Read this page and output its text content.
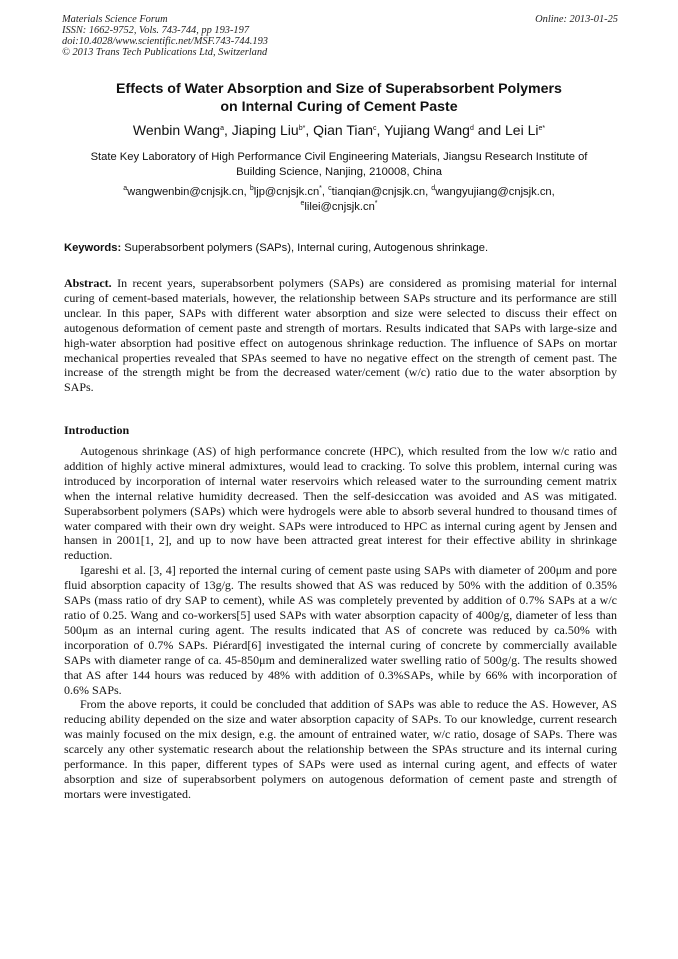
Materials Science Forum	Online: 2013-01-25
ISSN: 1662-9752, Vols. 743-744, pp 193-197
doi:10.4028/www.scientific.net/MSF.743-744.193
© 2013 Trans Tech Publications Ltd, Switzerland
Effects of Water Absorption and Size of Superabsorbent Polymers
on Internal Curing of Cement Paste
Wenbin Wang$^a$, Jiaping Liu$^{b*}$, Qian Tian$^c$, Yujiang Wang$^d$ and Lei $Li^{e*}$
State Key Laboratory of High Performance Civil Engineering Materials, Jiangsu Research Institute of
Building Science, Nanjing, 210008, China
$^a$wangwenbin@cnjsjk.cn, $^b$ljp@cnjsjk.cn*, $^c$tianqian@cnjsjk.cn, $^d$wangyujiang@cnjsjk.cn,
$^e$lilei@cnjsjk.cn*
Keywords: Superabsorbent polymers (SAPs), Internal curing, Autogenous shrinkage.
Abstract. In recent years, superabsorbent polymers (SAPs) are considered as promising material for internal curing of cement-based materials, however, the relationship between SAPs structure and its performance are still unclear. In this paper, SAPs with different water absorption and size were selected to discuss their effect on autogenous deformation of cement paste and strength of mortars. Results indicated that SAPs with large-size and high-water absorption had positive effect on autogenous shrinkage reduction. The influence of SAPs on mortar mechanical properties revealed that SPAs seemed to have no negative effect on the strength of cement past. The increase of the strength might be from the decreased water/cement (w/c) ratio due to the water absorption by SAPs.
Introduction

Autogenous shrinkage (AS) of high performance concrete (HPC), which resulted from the low w/c ratio and addition of highly active mineral admixtures, would lead to cracking. To solve this problem, internal curing was introduced by incorporation of internal water reservoirs which released water to the surrounding cement matrix when the internal relative humidity decreased. Then the self-desiccation was avoided and AS was mitigated. Superabsorbent polymers (SAPs) which were hydrogels were able to absorb several hundred to thousand times of water compared with their own dry weight. SAPs were introduced to HPC as internal curing agent by Jensen and hansen in 2001[1, 2], and up to now have been attracted great interest for their effective ability in shrinkage reduction.

Igareshi et al. [3, 4] reported the internal curing of cement paste using SAPs with diameter of 200μm and pore fluid absorption capacity of 13g/g. The results showed that AS was reduced by 50% with the addition of 0.35% SAPs (mass ratio of dry SAP to cement), while AS was completely prevented by addition of 0.7% SAPs at a w/c ratio of 0.25. Wang and co-workers[5] used SAPs with water absorption capacity of 400g/g, diameter of less than 500μm as an internal curing agent. The results indicated that AS of concrete was reduced by ca.50% with incorporation of 0.7% SAPs. Piérard[6] investigated the internal curing of concrete by commercially available SAPs with diameter range of ca. 45-850μm and demineralized water swelling ratio of 500g/g. The results showed that AS after 144 hours was reduced by 48% with addition of 0.3%SAPs, while by 66% with incorporation of 0.6% SAPs.

From the above reports, it could be concluded that addition of SAPs was able to reduce the AS. However, AS reducing ability depended on the size and water absorption capacity of SAPs. To our knowledge, current research was mainly focused on the mix design, e.g. the amount of entrained water, w/c ratio, dosage of SAPs. There was scarcely any other systematic research about the relationship between the SPAs structure and its internal curing performance. In this paper, different types of SAPs were used as internal curing agent, and effects of water absorption and size of superabsorbent polymers on autogenous deformation of cement paste and strength of mortars were investigated.
